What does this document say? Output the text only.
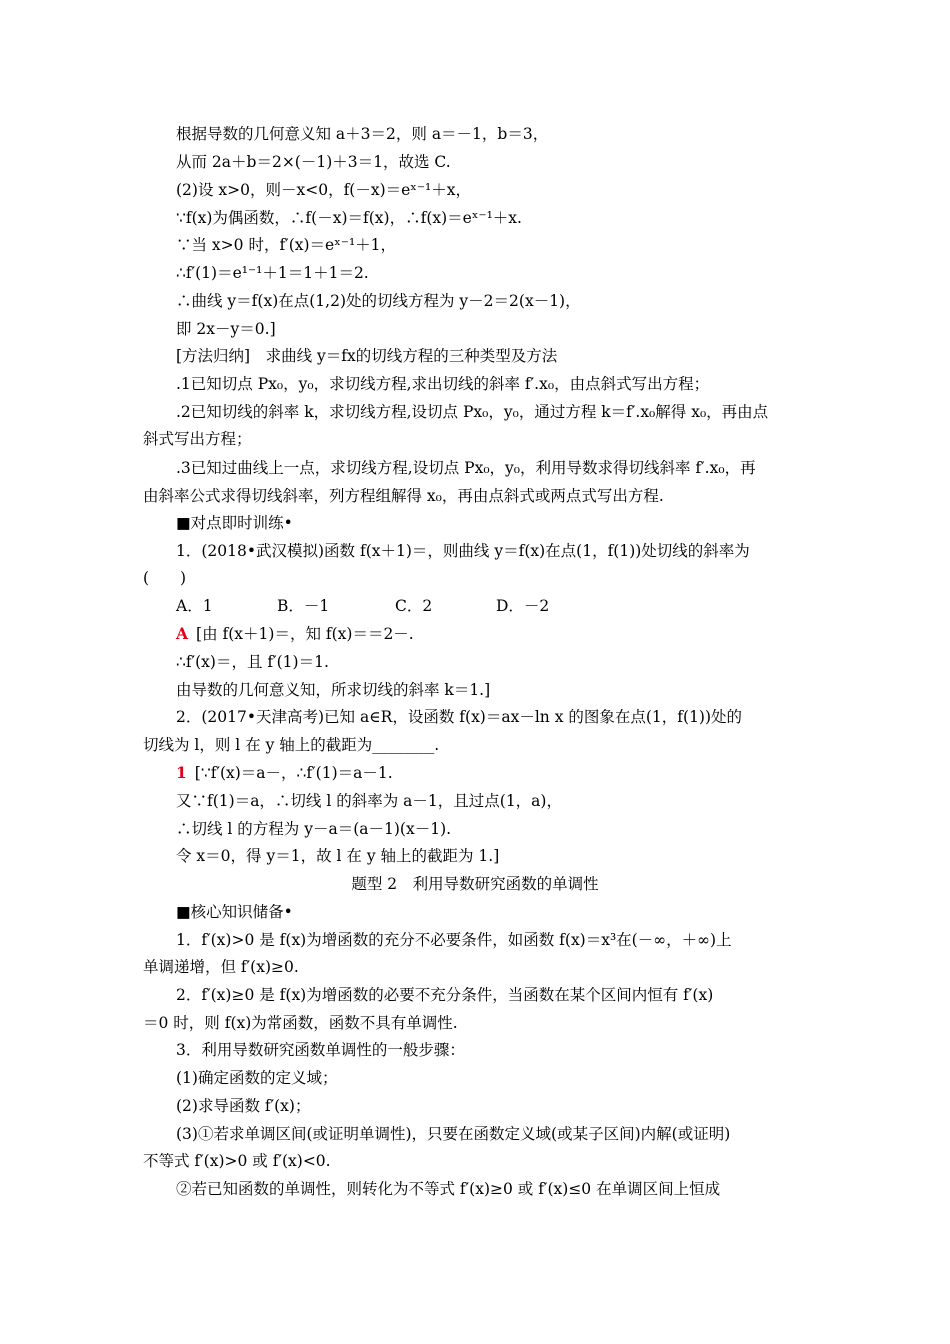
根据导数的几何意义知 a＋3＝2，则 a＝－1，b＝3，
从而 2a＋b＝2×(－1)＋3＝1，故选 C.
(2)设 x>0，则－x<0，f(－x)＝eˣ⁻¹＋x，
∵f(x)为偶函数，∴f(－x)＝f(x)，∴f(x)＝eˣ⁻¹＋x.
∵当 x>0 时，f′(x)＝eˣ⁻¹＋1，
∴f′(1)＝e¹⁻¹＋1＝1＋1＝2.
∴曲线 y＝f(x)在点(1,2)处的切线方程为 y－2＝2(x－1)，
即 2x－y＝0.]
[方法归纳]　求曲线 y＝fx的切线方程的三种类型及方法
.1已知切点 Px₀，y₀，求切线方程,求出切线的斜率 f′.x₀，由点斜式写出方程；
.2已知切线的斜率 k，求切线方程,设切点 Px₀，y₀，通过方程 k＝f′.x₀解得 x₀，再由点
斜式写出方程；
.3已知过曲线上一点，求切线方程,设切点 Px₀，y₀，利用导数求得切线斜率 f′.x₀，再
由斜率公式求得切线斜率，列方程组解得 x₀，再由点斜式或两点式写出方程.
■对点即时训练•
1．(2018•武汉模拟)函数 f(x＋1)＝，则曲线 y＝f(x)在点(1，f(1))处切线的斜率为
(　　)
A．1	B．－1	C．2	D．－2
A [由 f(x＋1)＝，知 f(x)＝＝2－.
∴f′(x)＝，且 f′(1)＝1.
由导数的几何意义知，所求切线的斜率 k＝1.]
2．(2017•天津高考)已知 a∈R，设函数 f(x)＝ax－ln x 的图象在点(1，f(1))处的
切线为 l，则 l 在 y 轴上的截距为________.
1 [∵f′(x)＝a－，∴f′(1)＝a－1.
又∵f(1)＝a，∴切线 l 的斜率为 a－1，且过点(1，a)，
∴切线 l 的方程为 y－a＝(a－1)(x－1).
令 x＝0，得 y＝1，故 l 在 y 轴上的截距为 1.]
题型 2　利用导数研究函数的单调性
■核心知识储备•
1．f′(x)>0 是 f(x)为增函数的充分不必要条件，如函数 f(x)＝x³在(－∞，＋∞)上
单调递增，但 f′(x)≥0.
2．f′(x)≥0 是 f(x)为增函数的必要不充分条件，当函数在某个区间内恒有 f′(x)
＝0 时，则 f(x)为常函数，函数不具有单调性.
3．利用导数研究函数单调性的一般步骤：
(1)确定函数的定义域；
(2)求导函数 f′(x)；
(3)①若求单调区间(或证明单调性)，只要在函数定义域(或某子区间)内解(或证明)
不等式 f′(x)>0 或 f′(x)<0.
②若已知函数的单调性，则转化为不等式 f′(x)≥0 或 f′(x)≤0 在单调区间上恒成
